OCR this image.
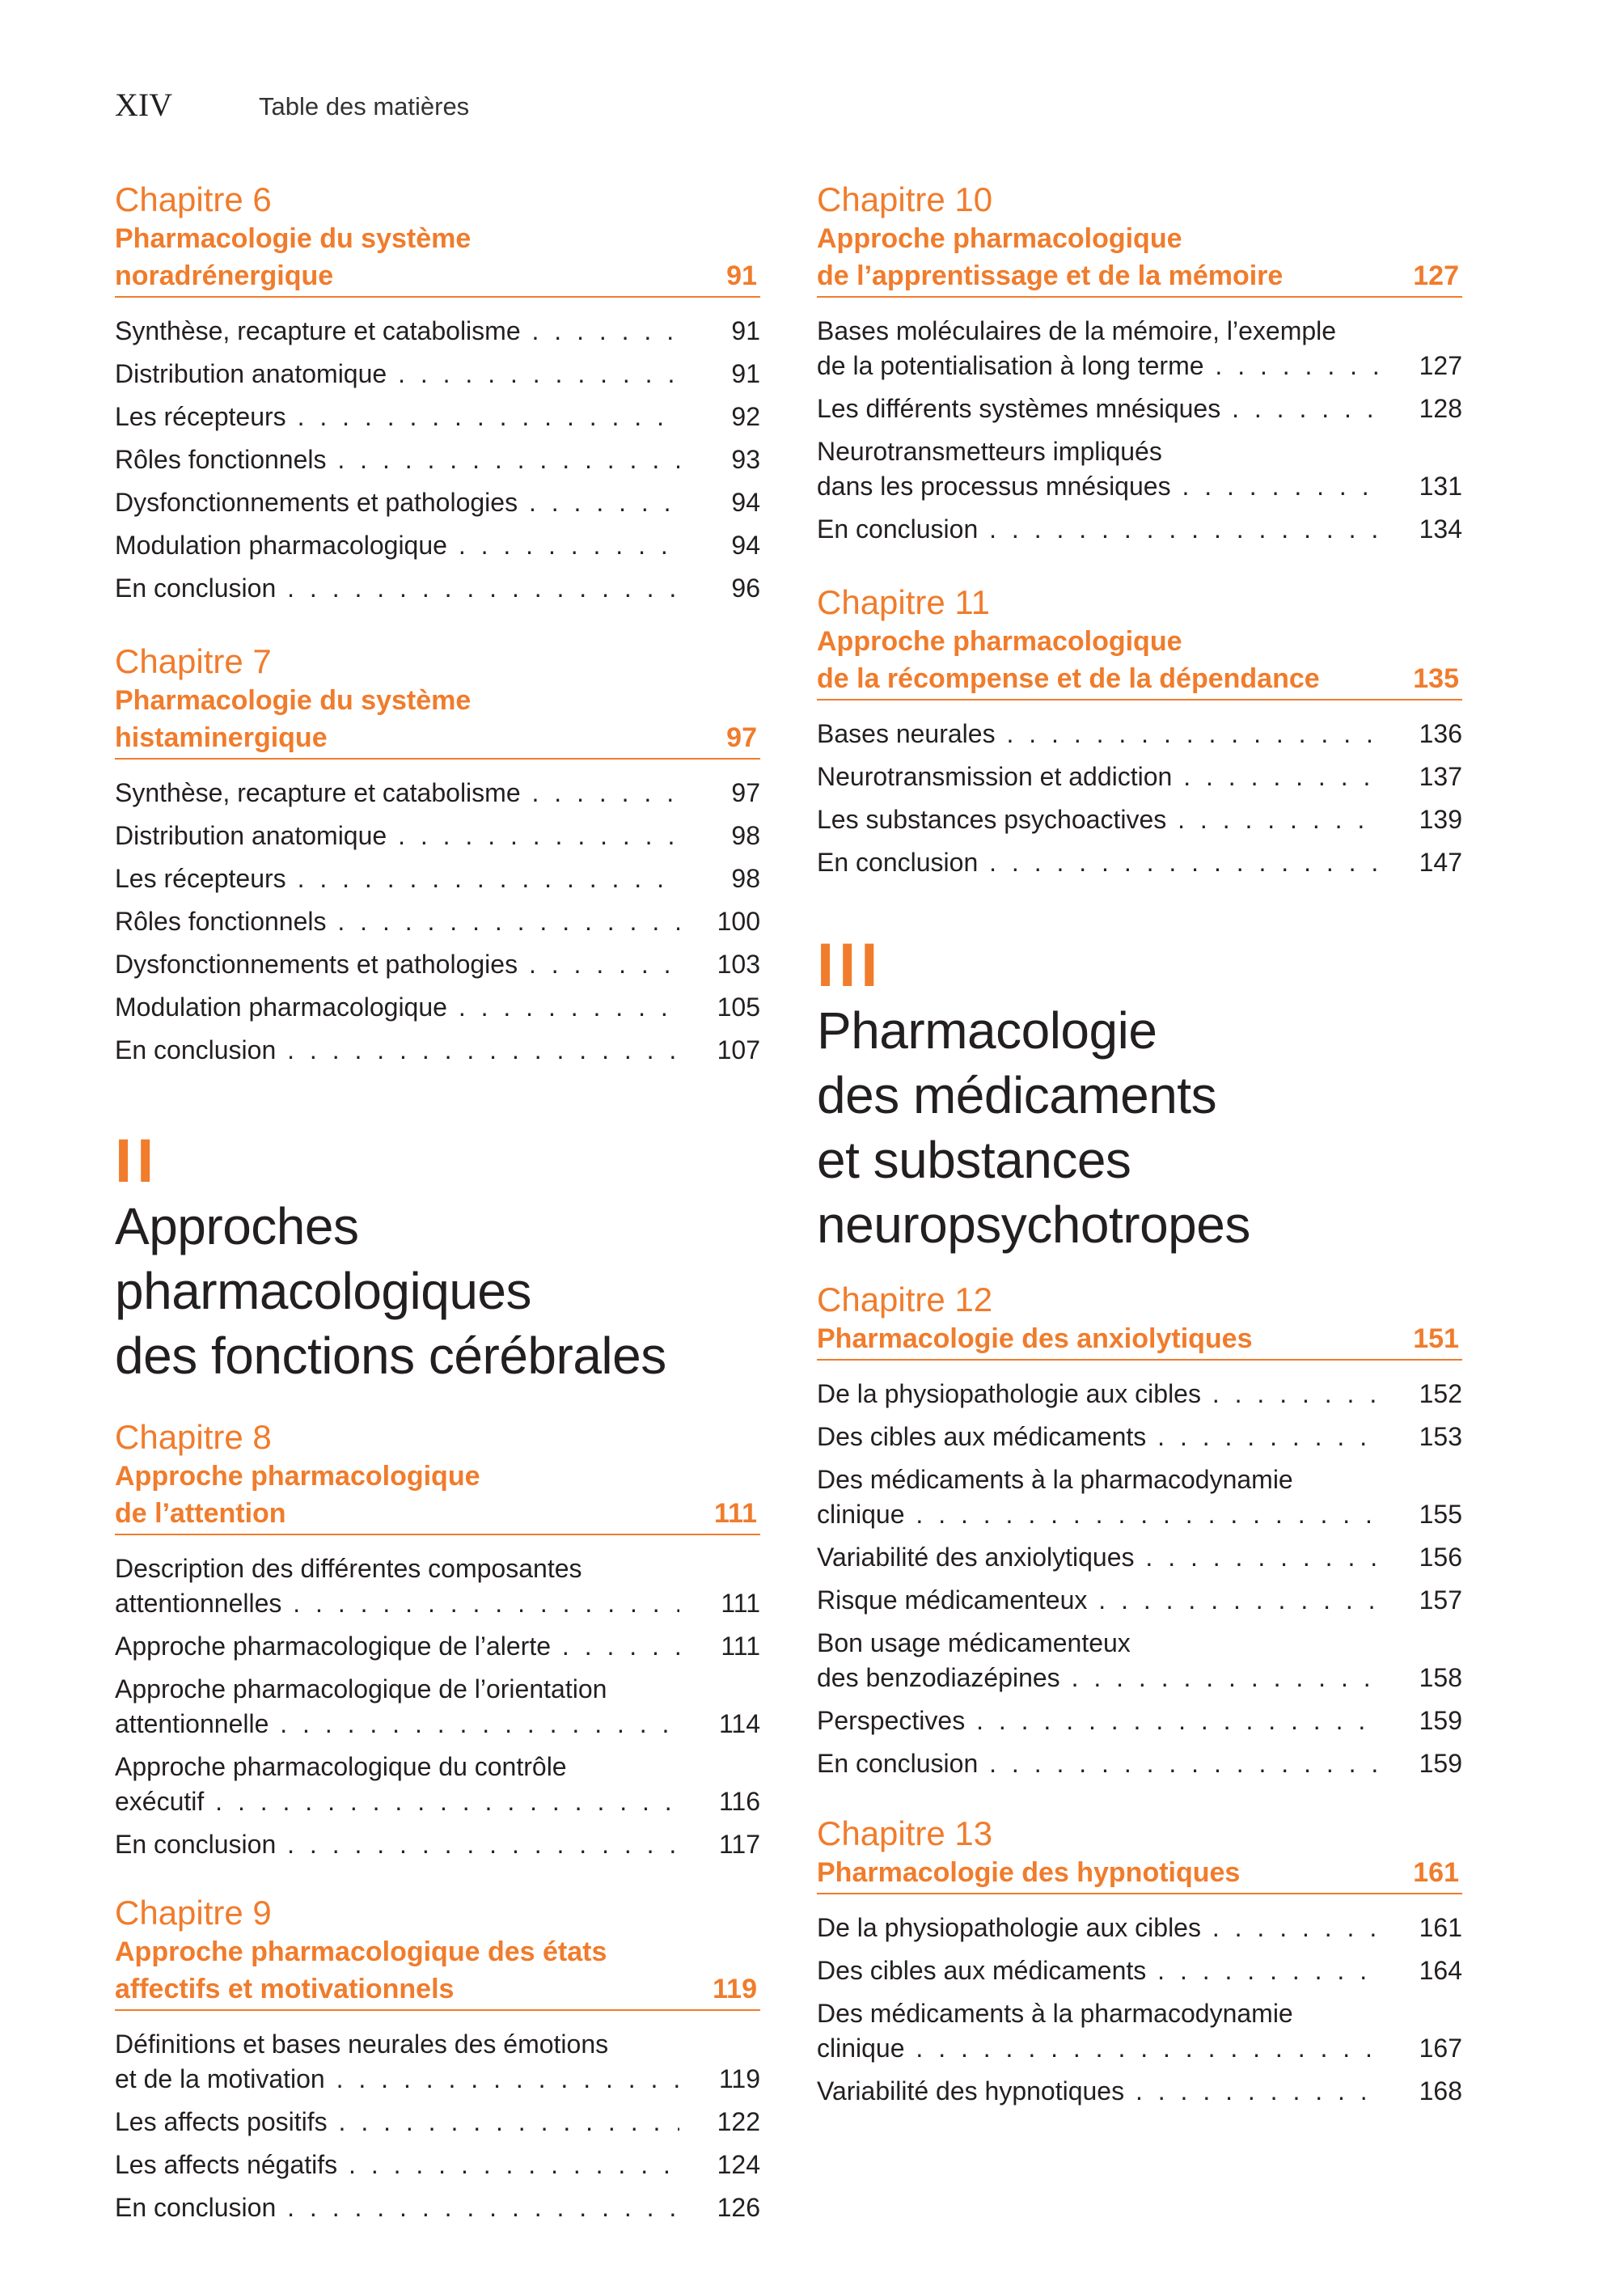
XIV	Table des matières
Chapitre 6
Pharmacologie du système
noradrénergique	91
Synthèse, recapture et catabolisme . . .	91
Distribution anatomique . . .	91
Les récepteurs . . .	92
Rôles fonctionnels . . .	93
Dysfonctionnements et pathologies . . .	94
Modulation pharmacologique . . .	94
En conclusion . . .	96
Chapitre 7
Pharmacologie du système
histaminergique	97
Synthèse, recapture et catabolisme . . .	97
Distribution anatomique . . .	98
Les récepteurs . . .	98
Rôles fonctionnels . . .	100
Dysfonctionnements et pathologies . . .	103
Modulation pharmacologique . . .	105
En conclusion . . .	107
II
Approches pharmacologiques
des fonctions cérébrales
Chapitre 8
Approche pharmacologique
de l’attention	111
Description des différentes composantes
attentionnelles . . .	111
Approche pharmacologique de l’alerte . . .	111
Approche pharmacologique de l’orientation
attentionnelle . . .	114
Approche pharmacologique du contrôle
exécutif . . .	116
En conclusion . . .	117
Chapitre 9
Approche pharmacologique des états
affectifs et motivationnels	119
Définitions et bases neurales des émotions
et de la motivation . . .	119
Les affects positifs . . .	122
Les affects négatifs . . .	124
En conclusion . . .	126
Chapitre 10
Approche pharmacologique
de l’apprentissage et de la mémoire	127
Bases moléculaires de la mémoire, l’exemple
de la potentialisation à long terme . . .	127
Les différents systèmes mnésiques . . .	128
Neurotransmetteurs impliqués
dans les processus mnésiques . . .	131
En conclusion . . .	134
Chapitre 11
Approche pharmacologique
de la récompense et de la dépendance	135
Bases neurales . . .	136
Neurotransmission et addiction . . .	137
Les substances psychoactives . . .	139
En conclusion . . .	147
III
Pharmacologie
des médicaments
et substances
neuropsychotropes
Chapitre 12
Pharmacologie des anxiolytiques	151
De la physiopathologie aux cibles . . .	152
Des cibles aux médicaments . . .	153
Des médicaments à la pharmacodynamie
clinique . . .	155
Variabilité des anxiolytiques . . .	156
Risque médicamenteux . . .	157
Bon usage médicamenteux
des benzodiazépines . . .	158
Perspectives . . .	159
En conclusion . . .	159
Chapitre 13
Pharmacologie des hypnotiques	161
De la physiopathologie aux cibles . . .	161
Des cibles aux médicaments . . .	164
Des médicaments à la pharmacodynamie
clinique . . .	167
Variabilité des hypnotiques . . .	168
